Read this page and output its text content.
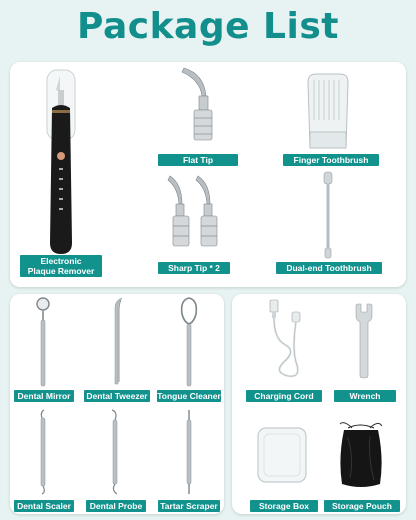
Package List
Electronic
Plaque Remover
Flat Tip	Finger Toothbrush
Sharp Tip * 2	Dual-end Toothbrush
Dental Mirror	Dental Tweezer Tongue Cleaner
Dental Scaler	Dental Probe	Tartar Scraper
Charging Cord	Wrench
Storage Box	Storage Pouch
